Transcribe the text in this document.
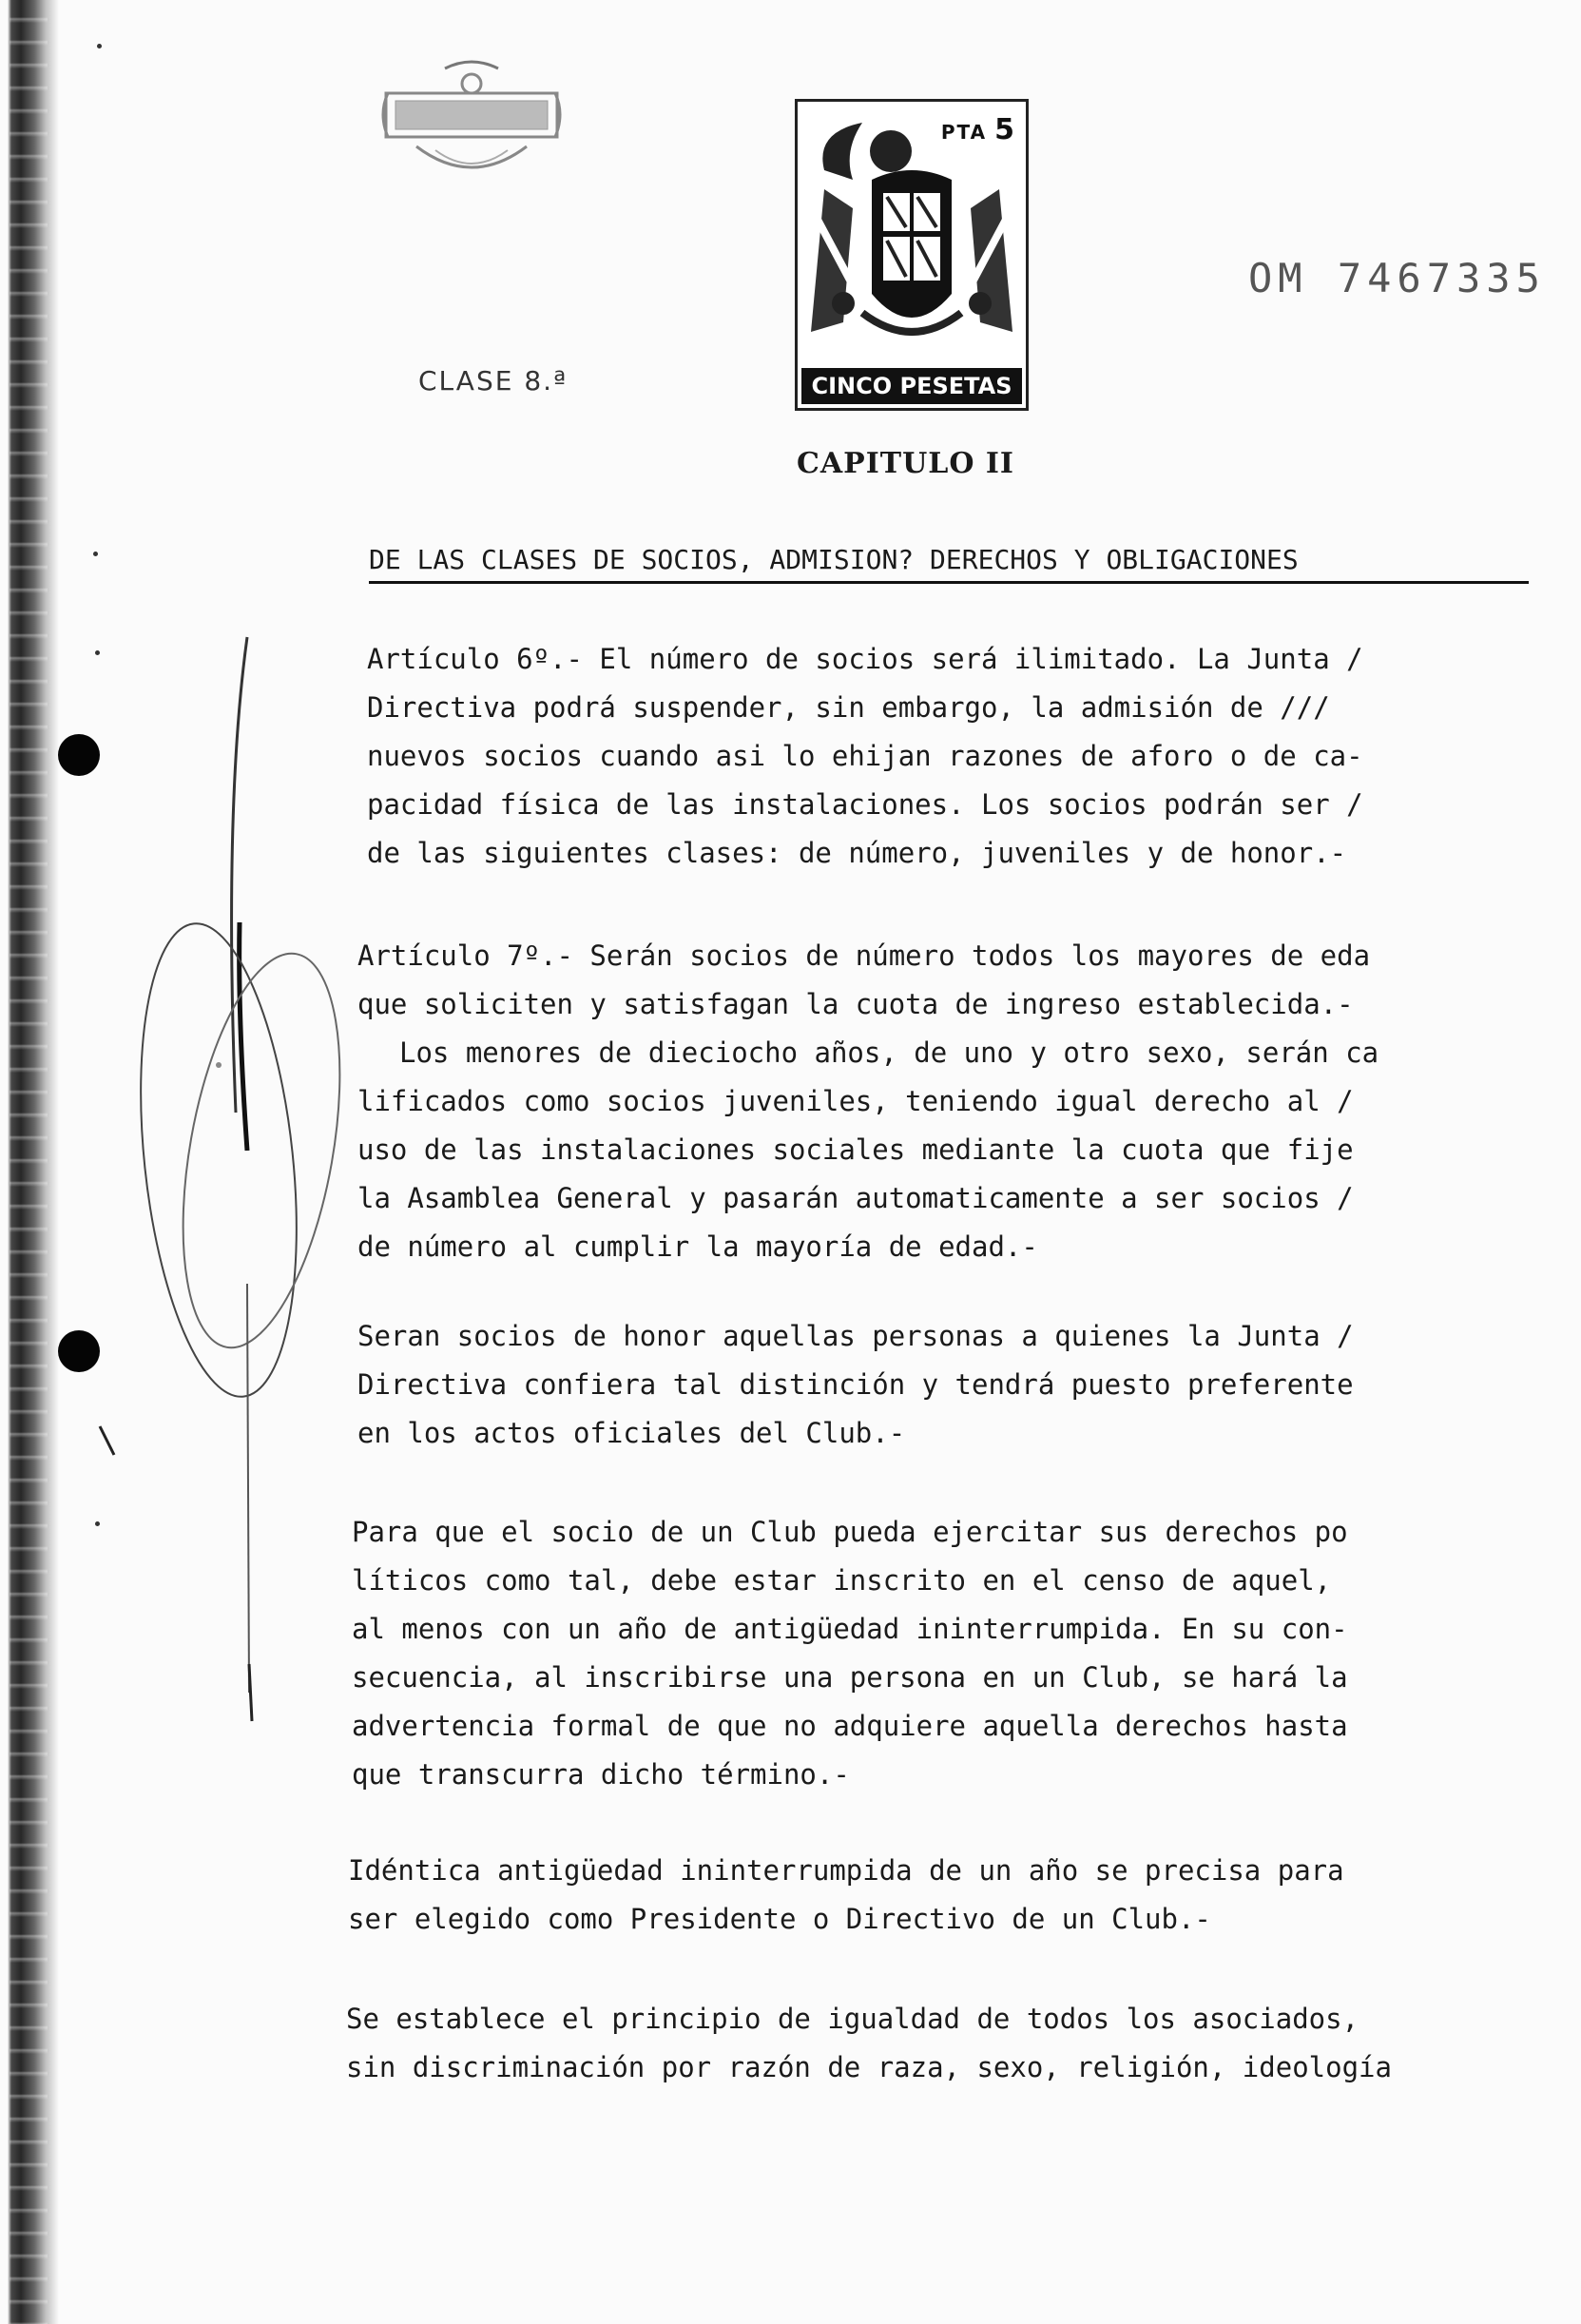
PTA 5
CINCO PESETAS
OM 7467335
CLASE 8.ª
CAPITULO II
DE LAS CLASES DE SOCIOS, ADMISION? DERECHOS Y OBLIGACIONES
Artículo 6º.- El número de socios será ilimitado. La Junta /
Directiva podrá suspender, sin embargo, la admisión de ///
nuevos socios cuando asi lo ehijan razones de aforo o de ca-
pacidad física de las instalaciones. Los socios podrán ser /
de las siguientes clases: de número, juveniles y de honor.-
Artículo 7º.- Serán socios de número todos los mayores de eda
que soliciten y satisfagan la cuota de ingreso establecida.-
Los menores de dieciocho años, de uno y otro sexo, serán ca
lificados como socios juveniles, teniendo igual derecho al /
uso de las instalaciones sociales mediante la cuota que fije
la Asamblea General y pasarán automaticamente a ser socios /
de número al cumplir la mayoría de edad.-
Seran socios de honor aquellas personas a quienes la Junta /
Directiva confiera tal distinción y tendrá puesto preferente
en los actos oficiales del Club.-
Para que el socio de un Club pueda ejercitar sus derechos po
líticos como tal, debe estar inscrito en el censo de aquel,
al menos con un año de antigüedad ininterrumpida. En su con-
secuencia, al inscribirse una persona en un Club, se hará la
advertencia formal de que no adquiere aquella derechos hasta
que transcurra dicho término.-
Idéntica antigüedad ininterrumpida de un año se precisa para
ser elegido como Presidente o Directivo de un Club.-
Se establece el principio de igualdad de todos los asociados,
sin discriminación por razón de raza, sexo, religión, ideología
